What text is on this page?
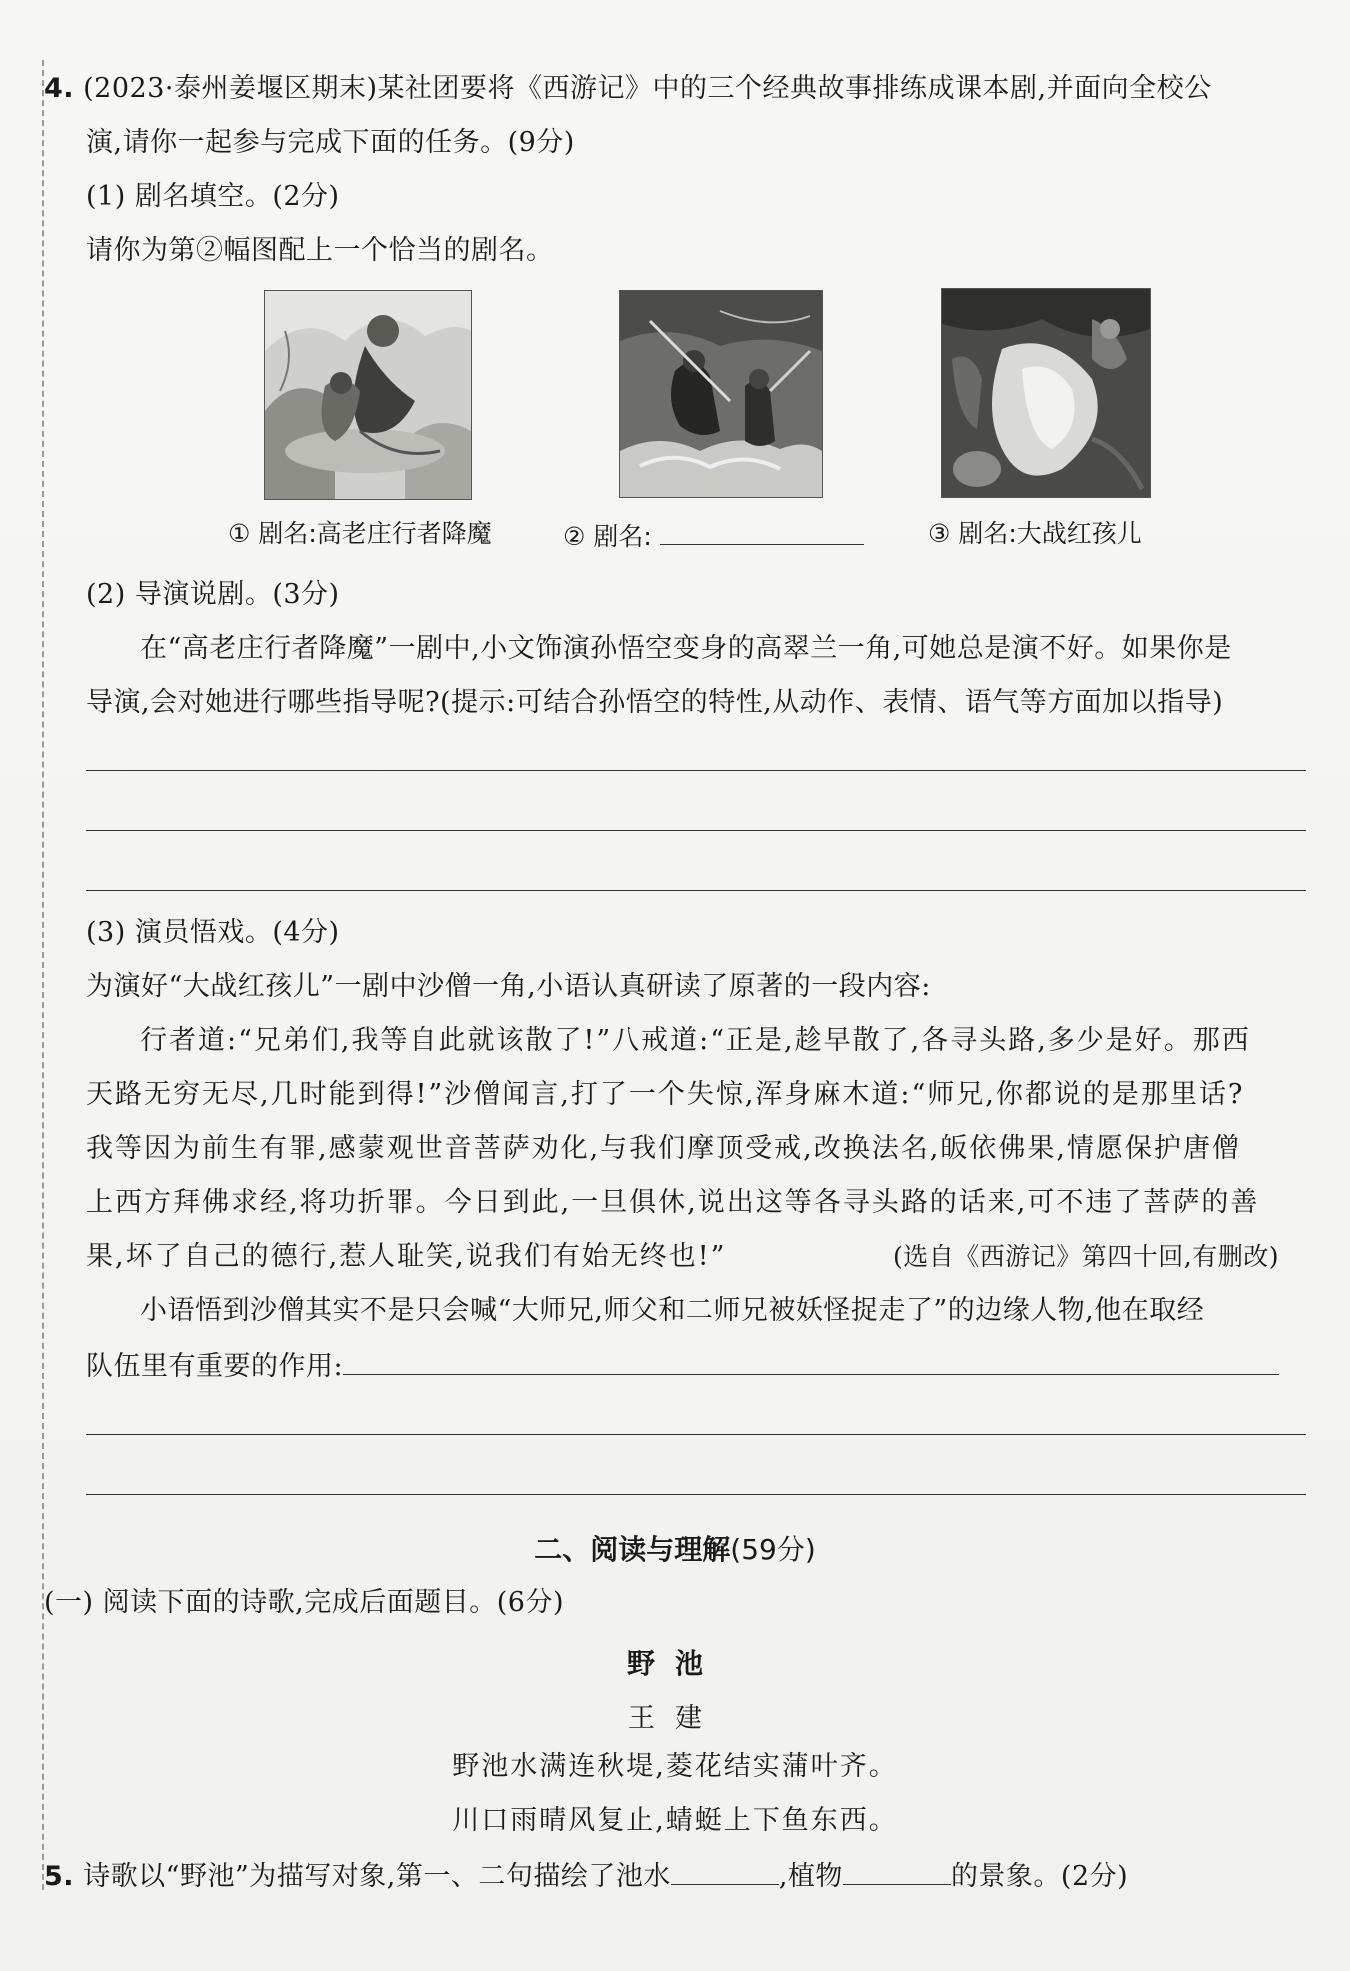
4. (2023·泰州姜堰区期末)某社团要将《西游记》中的三个经典故事排练成课本剧,并面向全校公
演,请你一起参与完成下面的任务。(9分)
(1) 剧名填空。(2分)
请你为第②幅图配上一个恰当的剧名。
① 剧名:高老庄行者降魔	② 剧名:	③ 剧名:大战红孩儿
(2) 导演说剧。(3分)
在“高老庄行者降魔”一剧中,小文饰演孙悟空变身的高翠兰一角,可她总是演不好。如果你是
导演,会对她进行哪些指导呢?(提示:可结合孙悟空的特性,从动作、表情、语气等方面加以指导)
(3) 演员悟戏。(4分)
为演好“大战红孩儿”一剧中沙僧一角,小语认真研读了原著的一段内容:
行者道:“兄弟们,我等自此就该散了!”八戒道:“正是,趁早散了,各寻头路,多少是好。那西
天路无穷无尽,几时能到得!”沙僧闻言,打了一个失惊,浑身麻木道:“师兄,你都说的是那里话?
我等因为前生有罪,感蒙观世音菩萨劝化,与我们摩顶受戒,改换法名,皈依佛果,情愿保护唐僧
上西方拜佛求经,将功折罪。今日到此,一旦俱休,说出这等各寻头路的话来,可不违了菩萨的善
果,坏了自己的德行,惹人耻笑,说我们有始无终也!”	(选自《西游记》第四十回,有删改)
小语悟到沙僧其实不是只会喊“大师兄,师父和二师兄被妖怪捉走了”的边缘人物,他在取经
队伍里有重要的作用:
二、阅读与理解(59分)
(一) 阅读下面的诗歌,完成后面题目。(6分)
野池
王建
野池水满连秋堤,菱花结实蒲叶齐。
川口雨晴风复止,蜻蜓上下鱼东西。
5. 诗歌以“野池”为描写对象,第一、二句描绘了池水	,植物	的景象。(2分)
